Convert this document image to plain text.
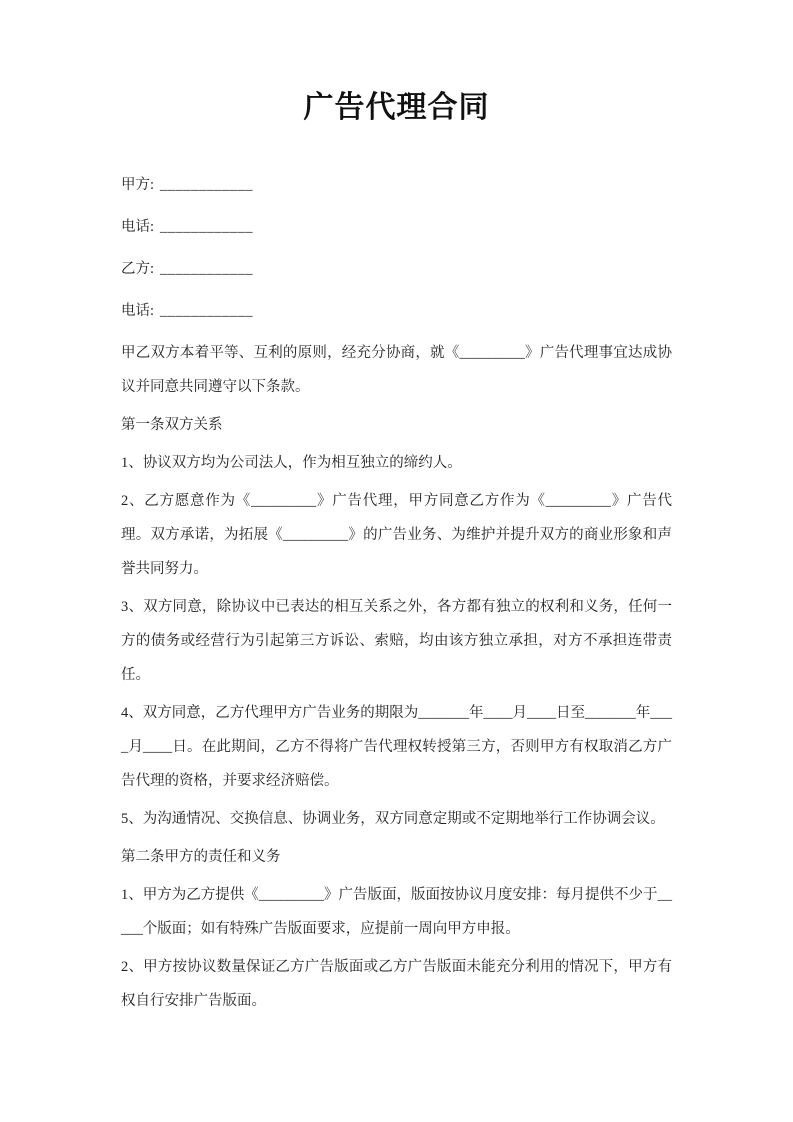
广告代理合同

甲方: ____________

电话: ____________

乙方: ____________

电话: ____________

甲乙双方本着平等、互利的原则，经充分协商，就《_________》广告代理事宜达成协议并同意共同遵守以下条款。

第一条双方关系

1、协议双方均为公司法人，作为相互独立的缔约人。

2、乙方愿意作为《_________》广告代理，甲方同意乙方作为《_________》广告代理。双方承诺，为拓展《_________》的广告业务、为维护并提升双方的商业形象和声誉共同努力。

3、双方同意，除协议中已表达的相互关系之外，各方都有独立的权利和义务，任何一方的债务或经营行为引起第三方诉讼、索赔，均由该方独立承担，对方不承担连带责任。

4、双方同意，乙方代理甲方广告业务的期限为_______年____月____日至_______年____月____日。在此期间，乙方不得将广告代理权转授第三方，否则甲方有权取消乙方广告代理的资格，并要求经济赔偿。

5、为沟通情况、交换信息、协调业务，双方同意定期或不定期地举行工作协调会议。

第二条甲方的责任和义务

1、甲方为乙方提供《_________》广告版面，版面按协议月度安排：每月提供不少于_____个版面；如有特殊广告版面要求，应提前一周向甲方申报。

2、甲方按协议数量保证乙方广告版面或乙方广告版面未能充分利用的情况下，甲方有权自行安排广告版面。
